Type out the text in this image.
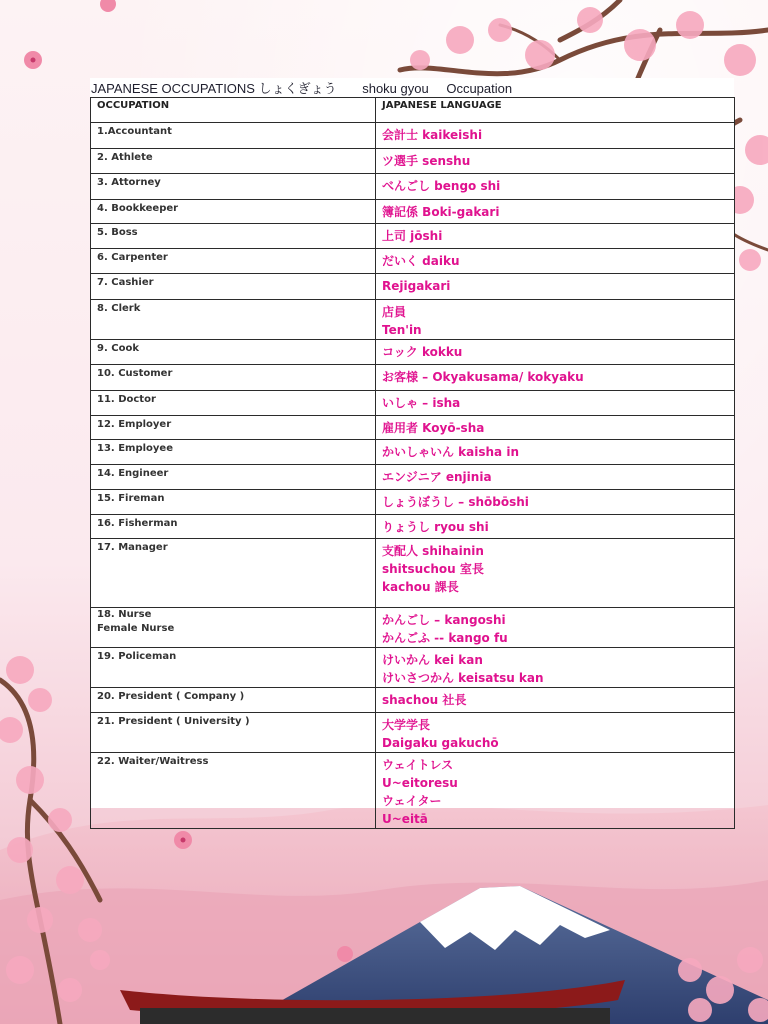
JAPANESE OCCUPATIONS しょくぎょう shoku gyou Occupation
OCCUPATION	JAPANESE LANGUAGE
1.Accountant	会計士 kaikeishi

2. Athlete	ツ選手 senshu

3. Attorney	べんごし bengo shi

4. Bookkeeper	簿記係 Boki-gakari

5. Boss	上司 jōshi

6. Carpenter	だいく daiku

7. Cashier	Rejigakari

8. Clerk	店員
Ten'in

9. Cook	コック kokku

10. Customer	お客様 – Okyakusama/ kokyaku

11. Doctor	いしゃ – isha

12. Employer	雇用者 Koyō-sha

13. Employee	かいしゃいん kaisha in

14. Engineer	エンジニア enjinia

15. Fireman	しょうぼうし – shōbōshi

16. Fisherman	りょうし ryou shi

17. Manager	支配人 shihainin
shitsuchou 室長
kachou 課長

18. Nurse
Female Nurse	かんごし – kangoshi
かんごふ -- kango fu

19. Policeman	けいかん kei kan
けいさつかん keisatsu kan

20. President ( Company )	shachou 社長

21. President ( University )	大学学長
Daigaku gakuchō

22. Waiter/Waitress	ウェイトレス
U~eitoresu
ウェイター
U~eitā
